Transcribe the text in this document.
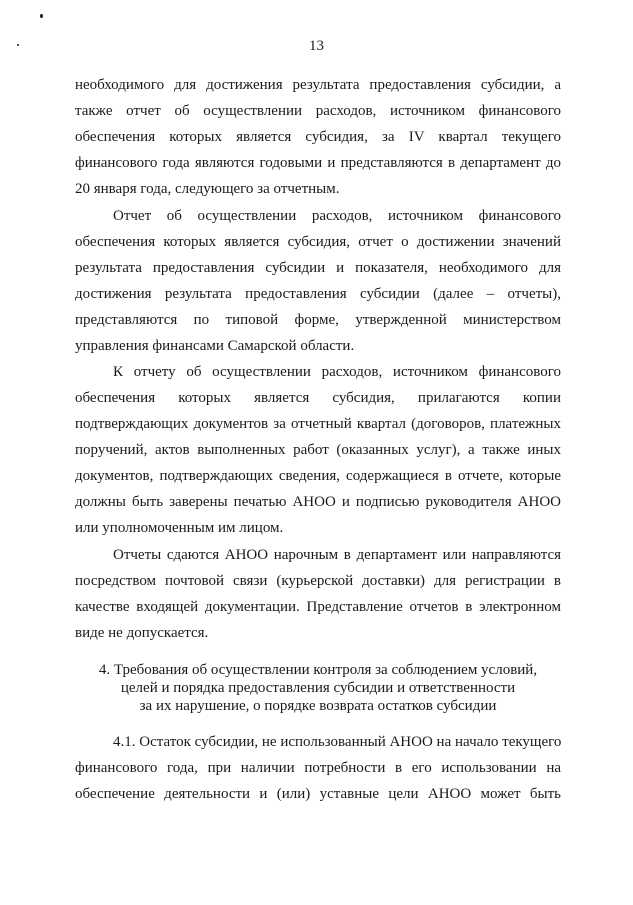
13
необходимого для достижения результата предоставления субсидии, а
также отчет об осуществлении расходов, источником финансового
обеспечения которых является субсидия, за IV квартал текущего
финансового года являются годовыми и представляются в департамент до
20 января года, следующего за отчетным.
Отчет об осуществлении расходов, источником финансового
обеспечения которых является субсидия, отчет о достижении значений
результата предоставления субсидии и показателя, необходимого для
достижения результата предоставления субсидии (далее – отчеты),
представляются по типовой форме, утвержденной министерством
управления финансами Самарской области.
К отчету об осуществлении расходов, источником финансового
обеспечения которых является субсидия, прилагаются копии
подтверждающих документов за отчетный квартал (договоров, платежных
поручений, актов выполненных работ (оказанных услуг), а также иных
документов, подтверждающих сведения, содержащиеся в отчете, которые
должны быть заверены печатью АНОО и подписью руководителя АНОО
или уполномоченным им лицом.
Отчеты сдаются АНОО нарочным в департамент или направляются
посредством почтовой связи (курьерской доставки) для регистрации в
качестве входящей документации. Представление отчетов в электронном
виде не допускается.
4. Требования об осуществлении контроля за соблюдением условий,
целей и порядка предоставления субсидии и ответственности
за их нарушение, о порядке возврата остатков субсидии
4.1. Остаток субсидии, не использованный АНОО на начало текущего
финансового года, при наличии потребности в его использовании на
обеспечение деятельности и (или) уставные цели АНОО может быть
